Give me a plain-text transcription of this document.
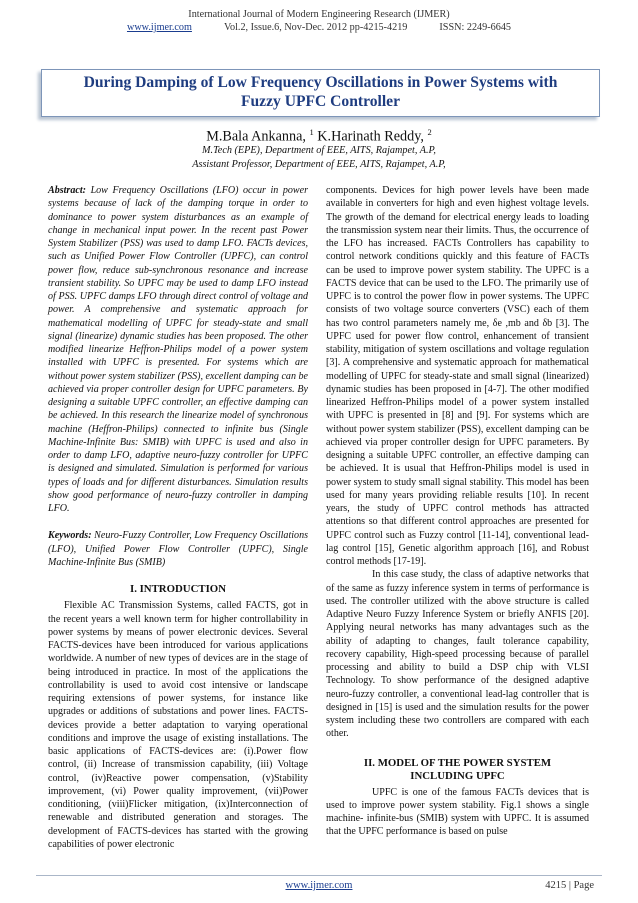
International Journal of Modern Engineering Research (IJMER)
www.ijmer.com	Vol.2, Issue.6, Nov-Dec. 2012 pp-4215-4219	ISSN: 2249-6645
During Damping of Low Frequency Oscillations in Power Systems with
Fuzzy UPFC Controller
M.Bala Ankanna, $^1$ K.Harinath Reddy, $^2$
M.Tech (EPE), Department of EEE, AITS, Rajampet, A.P,
Assistant Professor, Department of EEE, AITS, Rajampet, A.P,

Abstract: Low Frequency Oscillations (LFO) occur in power systems because of lack of the damping torque in order to dominance to power system disturbances as an example of change in mechanical input power. In the recent past Power System Stabilizer (PSS) was used to damp LFO. FACTs devices, such as Unified Power Flow Controller (UPFC), can control power flow, reduce sub-synchronous resonance and increase transient stability. So UPFC may be used to damp LFO instead of PSS. UPFC damps LFO through direct control of voltage and power. A comprehensive and systematic approach for mathematical modelling of UPFC for steady-state and small signal (linearize) dynamic studies has been proposed. The other modified linearize Heffron-Philips model of a power system installed with UPFC is presented. For systems which are without power system stabilizer (PSS), excellent damping can be achieved via proper controller design for UPFC parameters. By designing a suitable UPFC controller, an effective damping can be achieved. In this research the linearize model of synchronous machine (Heffron-Philips) connected to infinite bus (Single Machine-Infinite Bus: SMIB) with UPFC is used and also in order to damp LFO, adaptive neuro-fuzzy controller for UPFC is designed and simulated. Simulation is performed for various types of loads and for different disturbances. Simulation results show good performance of neuro-fuzzy controller in damping LFO.

Keywords: Neuro-Fuzzy Controller, Low Frequency Oscillations (LFO), Unified Power Flow Controller (UPFC), Single Machine-Infinite Bus (SMIB)

I. INTRODUCTION

Flexible AC Transmission Systems, called FACTS, got in the recent years a well known term for higher controllability in power systems by means of power electronic devices. Several FACTS-devices have been introduced for various applications worldwide. A number of new types of devices are in the stage of being introduced in practice. In most of the applications the controllability is used to avoid cost intensive or landscape requiring extensions of power systems, for instance like upgrades or additions of substations and power lines. FACTS-devices provide a better adaptation to varying operational conditions and improve the usage of existing installations. The basic applications of FACTS-devices are: (i).Power flow control, (ii) Increase of transmission capability, (iii) Voltage control, (iv)Reactive power compensation, (v)Stability improvement, (vi) Power quality improvement, (vii)Power conditioning, (viii)Flicker mitigation, (ix)Interconnection of renewable and distributed generation and storages. The development of FACTS-devices has started with the growing capabilities of power electronic

components. Devices for high power levels have been made available in converters for high and even highest voltage levels. The growth of the demand for electrical energy leads to loading the transmission system near their limits. Thus, the occurrence of the LFO has increased. FACTs Controllers has capability to control network conditions quickly and this feature of FACTs can be used to improve power system stability. The UPFC is a FACTS device that can be used to the LFO. The primarily use of UPFC is to control the power flow in power systems. The UPFC consists of two voltage source converters (VSC) each of them has two control parameters namely me, δe ,mb and δb [3]. The UPFC used for power flow control, enhancement of transient stability, mitigation of system oscillations and voltage regulation [3]. A comprehensive and systematic approach for mathematical modelling of UPFC for steady-state and small signal (linearized) dynamic studies has been proposed in [4-7]. The other modified linearized Heffron-Philips model of a power system installed with UPFC is presented in [8] and [9]. For systems which are without power system stabilizer (PSS), excellent damping can be achieved via proper controller design for UPFC parameters. By designing a suitable UPFC controller, an effective damping can be achieved. It is usual that Heffron-Philips model is used in power system to study small signal stability. This model has been used for many years providing reliable results [10]. In recent years, the study of UPFC control methods has attracted attentions so that different control approaches are presented for UPFC control such as Fuzzy control [11-14], conventional lead-lag control [15], Genetic algorithm approach [16], and Robust control methods [17-19].

In this case study, the class of adaptive networks that of the same as fuzzy inference system in terms of performance is used. The controller utilized with the above structure is called Adaptive Neuro Fuzzy Inference System or briefly ANFIS [20]. Applying neural networks has many advantages such as the ability of adapting to changes, fault tolerance capability, recovery capability, High-speed processing because of parallel processing and ability to build a DSP chip with VLSI Technology. To show performance of the designed adaptive neuro-fuzzy controller, a conventional lead-lag controller that is designed in [15] is used and the simulation results for the power system including these two controllers are compared with each other.

II. MODEL OF THE POWER SYSTEM
INCLUDING UPFC

UPFC is one of the famous FACTs devices that is used to improve power system stability. Fig.1 shows a single machine- infinite-bus (SMIB) system with UPFC. It is assumed that the UPFC performance is based on pulse

www.ijmer.com	4215 | Page
